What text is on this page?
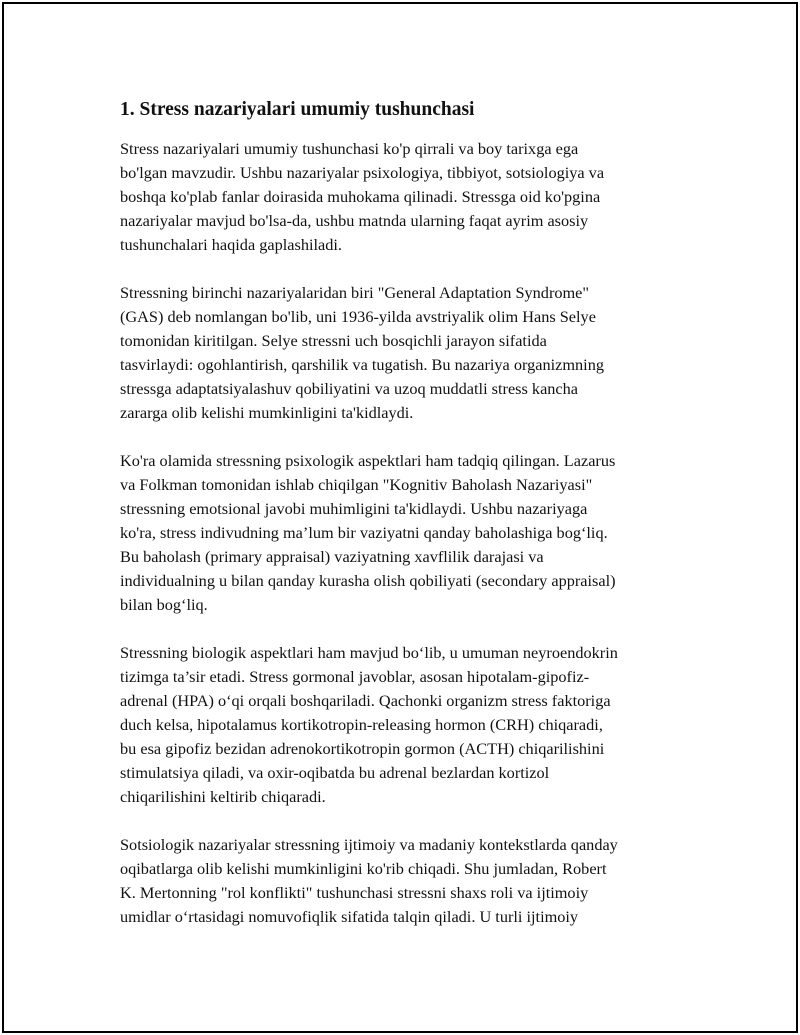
1. Stress nazariyalari umumiy tushunchasi

Stress nazariyalari umumiy tushunchasi ko'p qirrali va boy tarixga ega
bo'lgan mavzudir. Ushbu nazariyalar psixologiya, tibbiyot, sotsiologiya va
boshqa ko'plab fanlar doirasida muhokama qilinadi. Stressga oid ko'pgina
nazariyalar mavjud bo'lsa-da, ushbu matnda ularning faqat ayrim asosiy
tushunchalari haqida gaplashiladi.

Stressning birinchi nazariyalaridan biri "General Adaptation Syndrome"
(GAS) deb nomlangan bo'lib, uni 1936-yilda avstriyalik olim Hans Selye
tomonidan kiritilgan. Selye stressni uch bosqichli jarayon sifatida
tasvirlaydi: ogohlantirish, qarshilik va tugatish. Bu nazariya organizmning
stressga adaptatsiyalashuv qobiliyatini va uzoq muddatli stress kancha
zararga olib kelishi mumkinligini ta'kidlaydi.

Ko'ra olamida stressning psixologik aspektlari ham tadqiq qilingan. Lazarus
va Folkman tomonidan ishlab chiqilgan "Kognitiv Baholash Nazariyasi"
stressning emotsional javobi muhimligini ta'kidlaydi. Ushbu nazariyaga
ko'ra, stress indivudning ma’lum bir vaziyatni qanday baholashiga bog‘liq.
Bu baholash (primary appraisal) vaziyatning xavflilik darajasi va
individualning u bilan qanday kurasha olish qobiliyati (secondary appraisal)
bilan bog‘liq.

Stressning biologik aspektlari ham mavjud bo‘lib, u umuman neyroendokrin
tizimga ta’sir etadi. Stress gormonal javoblar, asosan hipotalam-gipofiz-
adrenal (HPA) o‘qi orqali boshqariladi. Qachonki organizm stress faktoriga
duch kelsa, hipotalamus kortikotropin-releasing hormon (CRH) chiqaradi,
bu esa gipofiz bezidan adrenokortikotropin gormon (ACTH) chiqarilishini
stimulatsiya qiladi, va oxir-oqibatda bu adrenal bezlardan kortizol
chiqarilishini keltirib chiqaradi.

Sotsiologik nazariyalar stressning ijtimoiy va madaniy kontekstlarda qanday
oqibatlarga olib kelishi mumkinligini ko'rib chiqadi. Shu jumladan, Robert
K. Mertonning "rol konflikti" tushunchasi stressni shaxs roli va ijtimoiy
umidlar o‘rtasidagi nomuvofiqlik sifatida talqin qiladi. U turli ijtimoiy
